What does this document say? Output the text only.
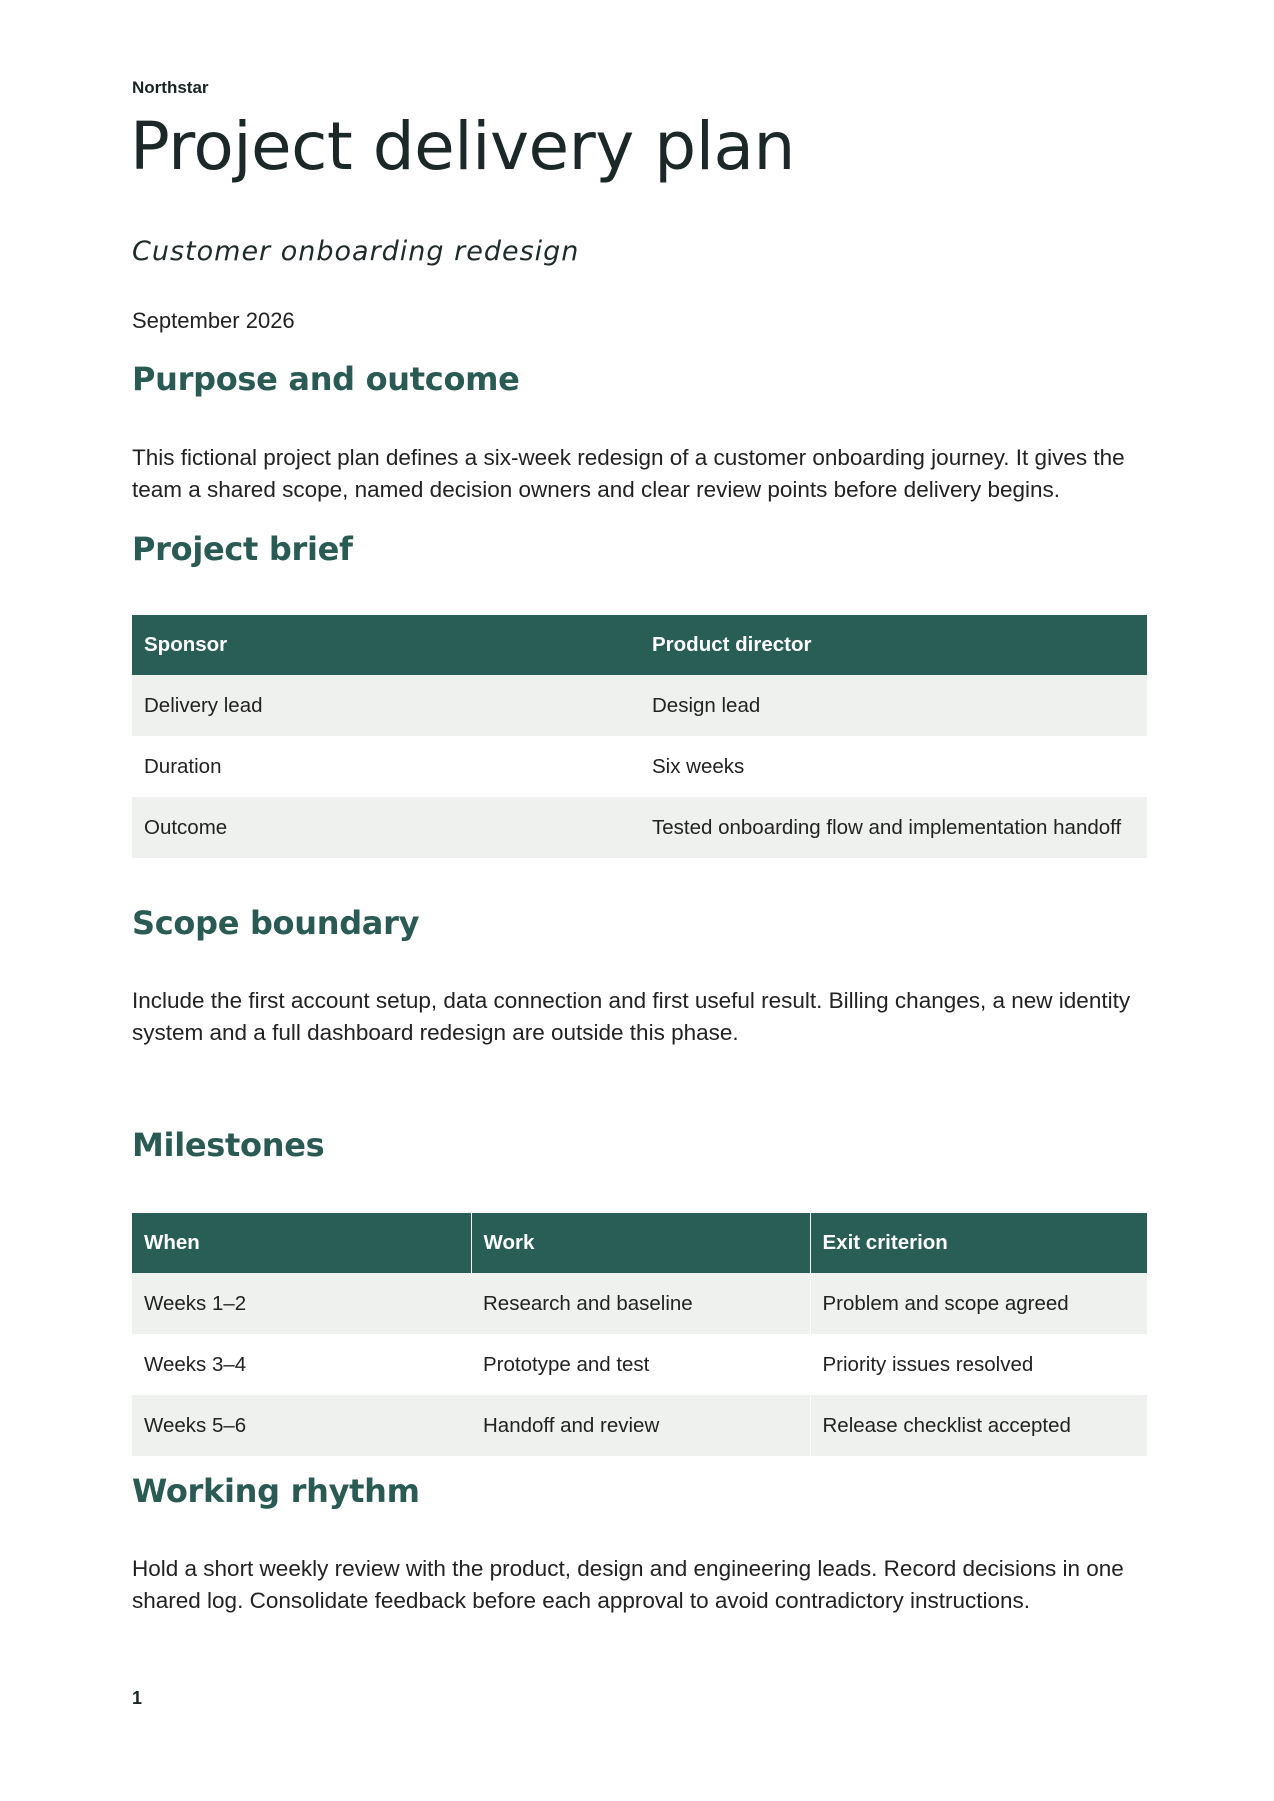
Northstar
Project delivery plan
Customer onboarding redesign
September 2026
Purpose and outcome

This fictional project plan defines a six-week redesign of a customer onboarding journey. It gives the team a shared scope, named decision owners and clear review points before delivery begins.

Project brief
Sponsor	Product director
Delivery lead	Design lead
Duration	Six weeks
Outcome	Tested onboarding flow and implementation handoff
Scope boundary

Include the first account setup, data connection and first useful result. Billing changes, a new identity system and a full dashboard redesign are outside this phase.

Milestones
When	Work	Exit criterion
Weeks 1–2	Research and baseline	Problem and scope agreed
Weeks 3–4	Prototype and test	Priority issues resolved
Weeks 5–6	Handoff and review	Release checklist accepted
Working rhythm

Hold a short weekly review with the product, design and engineering leads. Record decisions in one shared log. Consolidate feedback before each approval to avoid contradictory instructions.

1
